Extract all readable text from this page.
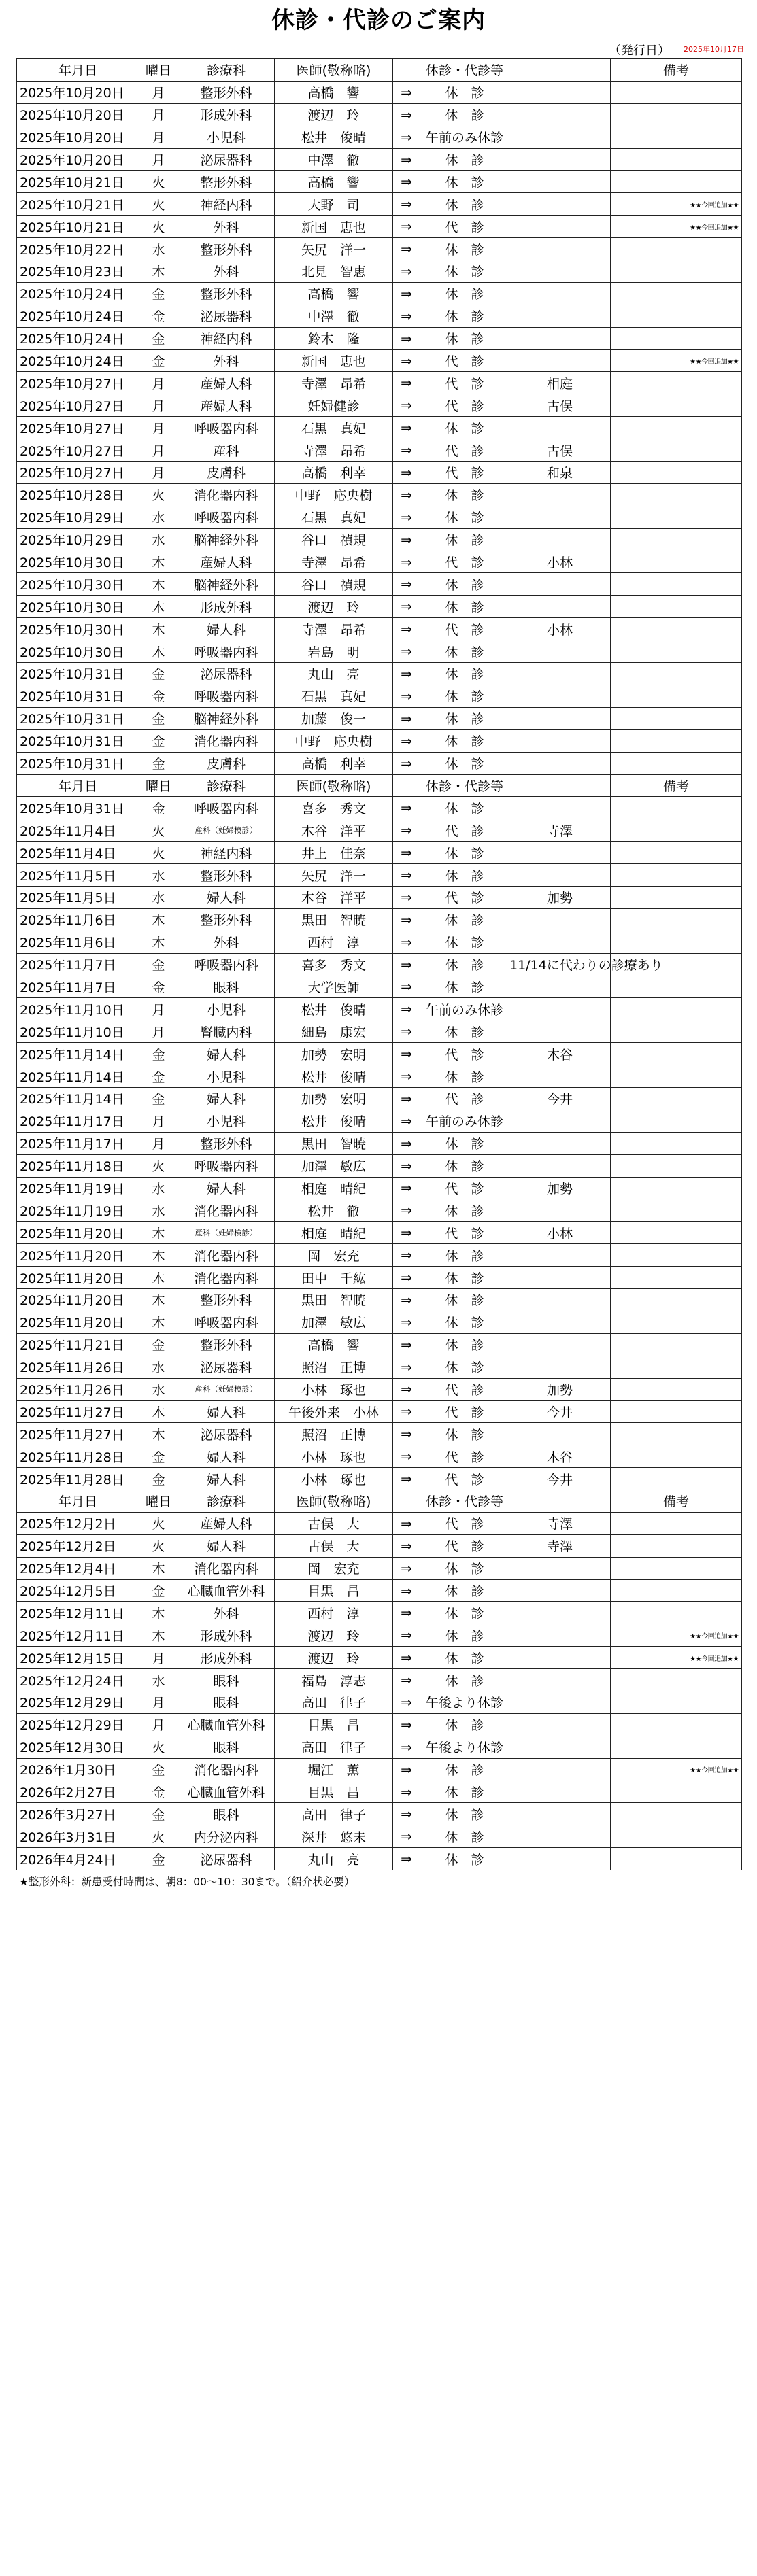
休診・代診のご案内
（発行日） 2025年10月17日
年月日	曜日	診療科	医師(敬称略)		休診・代診等		備考
2025年10月20日	月	整形外科	高橋　響	⇒	休　診		
2025年10月20日	月	形成外科	渡辺　玲	⇒	休　診		
2025年10月20日	月	小児科	松井　俊晴	⇒	午前のみ休診		
2025年10月20日	月	泌尿器科	中澤　徹	⇒	休　診		
2025年10月21日	火	整形外科	高橋　響	⇒	休　診		
2025年10月21日	火	神経内科	大野　司	⇒	休　診		★★今回追加★★
2025年10月21日	火	外科	新国　恵也	⇒	代　診		★★今回追加★★
2025年10月22日	水	整形外科	矢尻　洋一	⇒	休　診		
2025年10月23日	木	外科	北見　智恵	⇒	休　診		
2025年10月24日	金	整形外科	高橋　響	⇒	休　診		
2025年10月24日	金	泌尿器科	中澤　徹	⇒	休　診		
2025年10月24日	金	神経内科	鈴木　隆	⇒	休　診		
2025年10月24日	金	外科	新国　恵也	⇒	代　診		★★今回追加★★
2025年10月27日	月	産婦人科	寺澤　昂希	⇒	代　診	相庭	
2025年10月27日	月	産婦人科	妊婦健診	⇒	代　診	古俣	
2025年10月27日	月	呼吸器内科	石黒　真妃	⇒	休　診		
2025年10月27日	月	産科	寺澤　昂希	⇒	代　診	古俣	
2025年10月27日	月	皮膚科	高橋　利幸	⇒	代　診	和泉	
2025年10月28日	火	消化器内科	中野　応央樹	⇒	休　診		
2025年10月29日	水	呼吸器内科	石黒　真妃	⇒	休　診		
2025年10月29日	水	脳神経外科	谷口　禎規	⇒	休　診		
2025年10月30日	木	産婦人科	寺澤　昂希	⇒	代　診	小林	
2025年10月30日	木	脳神経外科	谷口　禎規	⇒	休　診		
2025年10月30日	木	形成外科	渡辺　玲	⇒	休　診		
2025年10月30日	木	婦人科	寺澤　昂希	⇒	代　診	小林	
2025年10月30日	木	呼吸器内科	岩島　明	⇒	休　診		
2025年10月31日	金	泌尿器科	丸山　亮	⇒	休　診		
2025年10月31日	金	呼吸器内科	石黒　真妃	⇒	休　診		
2025年10月31日	金	脳神経外科	加藤　俊一	⇒	休　診		
2025年10月31日	金	消化器内科	中野　応央樹	⇒	休　診		
2025年10月31日	金	皮膚科	高橋　利幸	⇒	休　診		
年月日	曜日	診療科	医師(敬称略)		休診・代診等		備考
2025年10月31日	金	呼吸器内科	喜多　秀文	⇒	休　診		
2025年11月4日	火	産科（妊婦検診）	木谷　洋平	⇒	代　診	寺澤	
2025年11月4日	火	神経内科	井上　佳奈	⇒	休　診		
2025年11月5日	水	整形外科	矢尻　洋一	⇒	休　診		
2025年11月5日	水	婦人科	木谷　洋平	⇒	代　診	加勢	
2025年11月6日	木	整形外科	黒田　智暁	⇒	休　診		
2025年11月6日	木	外科	西村　淳	⇒	休　診		
2025年11月7日	金	呼吸器内科	喜多　秀文	⇒	休　診	11/14に代わりの診療あり	
2025年11月7日	金	眼科	大学医師	⇒	休　診		
2025年11月10日	月	小児科	松井　俊晴	⇒	午前のみ休診		
2025年11月10日	月	腎臓内科	細島　康宏	⇒	休　診		
2025年11月14日	金	婦人科	加勢　宏明	⇒	代　診	木谷	
2025年11月14日	金	小児科	松井　俊晴	⇒	休　診		
2025年11月14日	金	婦人科	加勢　宏明	⇒	代　診	今井	
2025年11月17日	月	小児科	松井　俊晴	⇒	午前のみ休診		
2025年11月17日	月	整形外科	黒田　智暁	⇒	休　診		
2025年11月18日	火	呼吸器内科	加澤　敏広	⇒	休　診		
2025年11月19日	水	婦人科	相庭　晴紀	⇒	代　診	加勢	
2025年11月19日	水	消化器内科	松井　徹	⇒	休　診		
2025年11月20日	木	産科（妊婦検診）	相庭　晴紀	⇒	代　診	小林	
2025年11月20日	木	消化器内科	岡　宏充	⇒	休　診		
2025年11月20日	木	消化器内科	田中　千紘	⇒	休　診		
2025年11月20日	木	整形外科	黒田　智暁	⇒	休　診		
2025年11月20日	木	呼吸器内科	加澤　敏広	⇒	休　診		
2025年11月21日	金	整形外科	高橋　響	⇒	休　診		
2025年11月26日	水	泌尿器科	照沼　正博	⇒	休　診		
2025年11月26日	水	産科（妊婦検診）	小林　琢也	⇒	代　診	加勢	
2025年11月27日	木	婦人科	午後外来　小林	⇒	代　診	今井	
2025年11月27日	木	泌尿器科	照沼　正博	⇒	休　診		
2025年11月28日	金	婦人科	小林　琢也	⇒	代　診	木谷	
2025年11月28日	金	婦人科	小林　琢也	⇒	代　診	今井	
年月日	曜日	診療科	医師(敬称略)		休診・代診等		備考
2025年12月2日	火	産婦人科	古俣　大	⇒	代　診	寺澤	
2025年12月2日	火	婦人科	古俣　大	⇒	代　診	寺澤	
2025年12月4日	木	消化器内科	岡　宏充	⇒	休　診		
2025年12月5日	金	心臓血管外科	目黒　昌	⇒	休　診		
2025年12月11日	木	外科	西村　淳	⇒	休　診		
2025年12月11日	木	形成外科	渡辺　玲	⇒	休　診		★★今回追加★★
2025年12月15日	月	形成外科	渡辺　玲	⇒	休　診		★★今回追加★★
2025年12月24日	水	眼科	福島　淳志	⇒	休　診		
2025年12月29日	月	眼科	高田　律子	⇒	午後より休診		
2025年12月29日	月	心臓血管外科	目黒　昌	⇒	休　診		
2025年12月30日	火	眼科	高田　律子	⇒	午後より休診		
2026年1月30日	金	消化器内科	堀江　薫	⇒	休　診		★★今回追加★★
2026年2月27日	金	心臓血管外科	目黒　昌	⇒	休　診		
2026年3月27日	金	眼科	高田　律子	⇒	休　診		
2026年3月31日	火	内分泌内科	深井　悠未	⇒	休　診		
2026年4月24日	金	泌尿器科	丸山　亮	⇒	休　診		
★整形外科：新患受付時間は、朝8：00～10：30まで。（紹介状必要）
